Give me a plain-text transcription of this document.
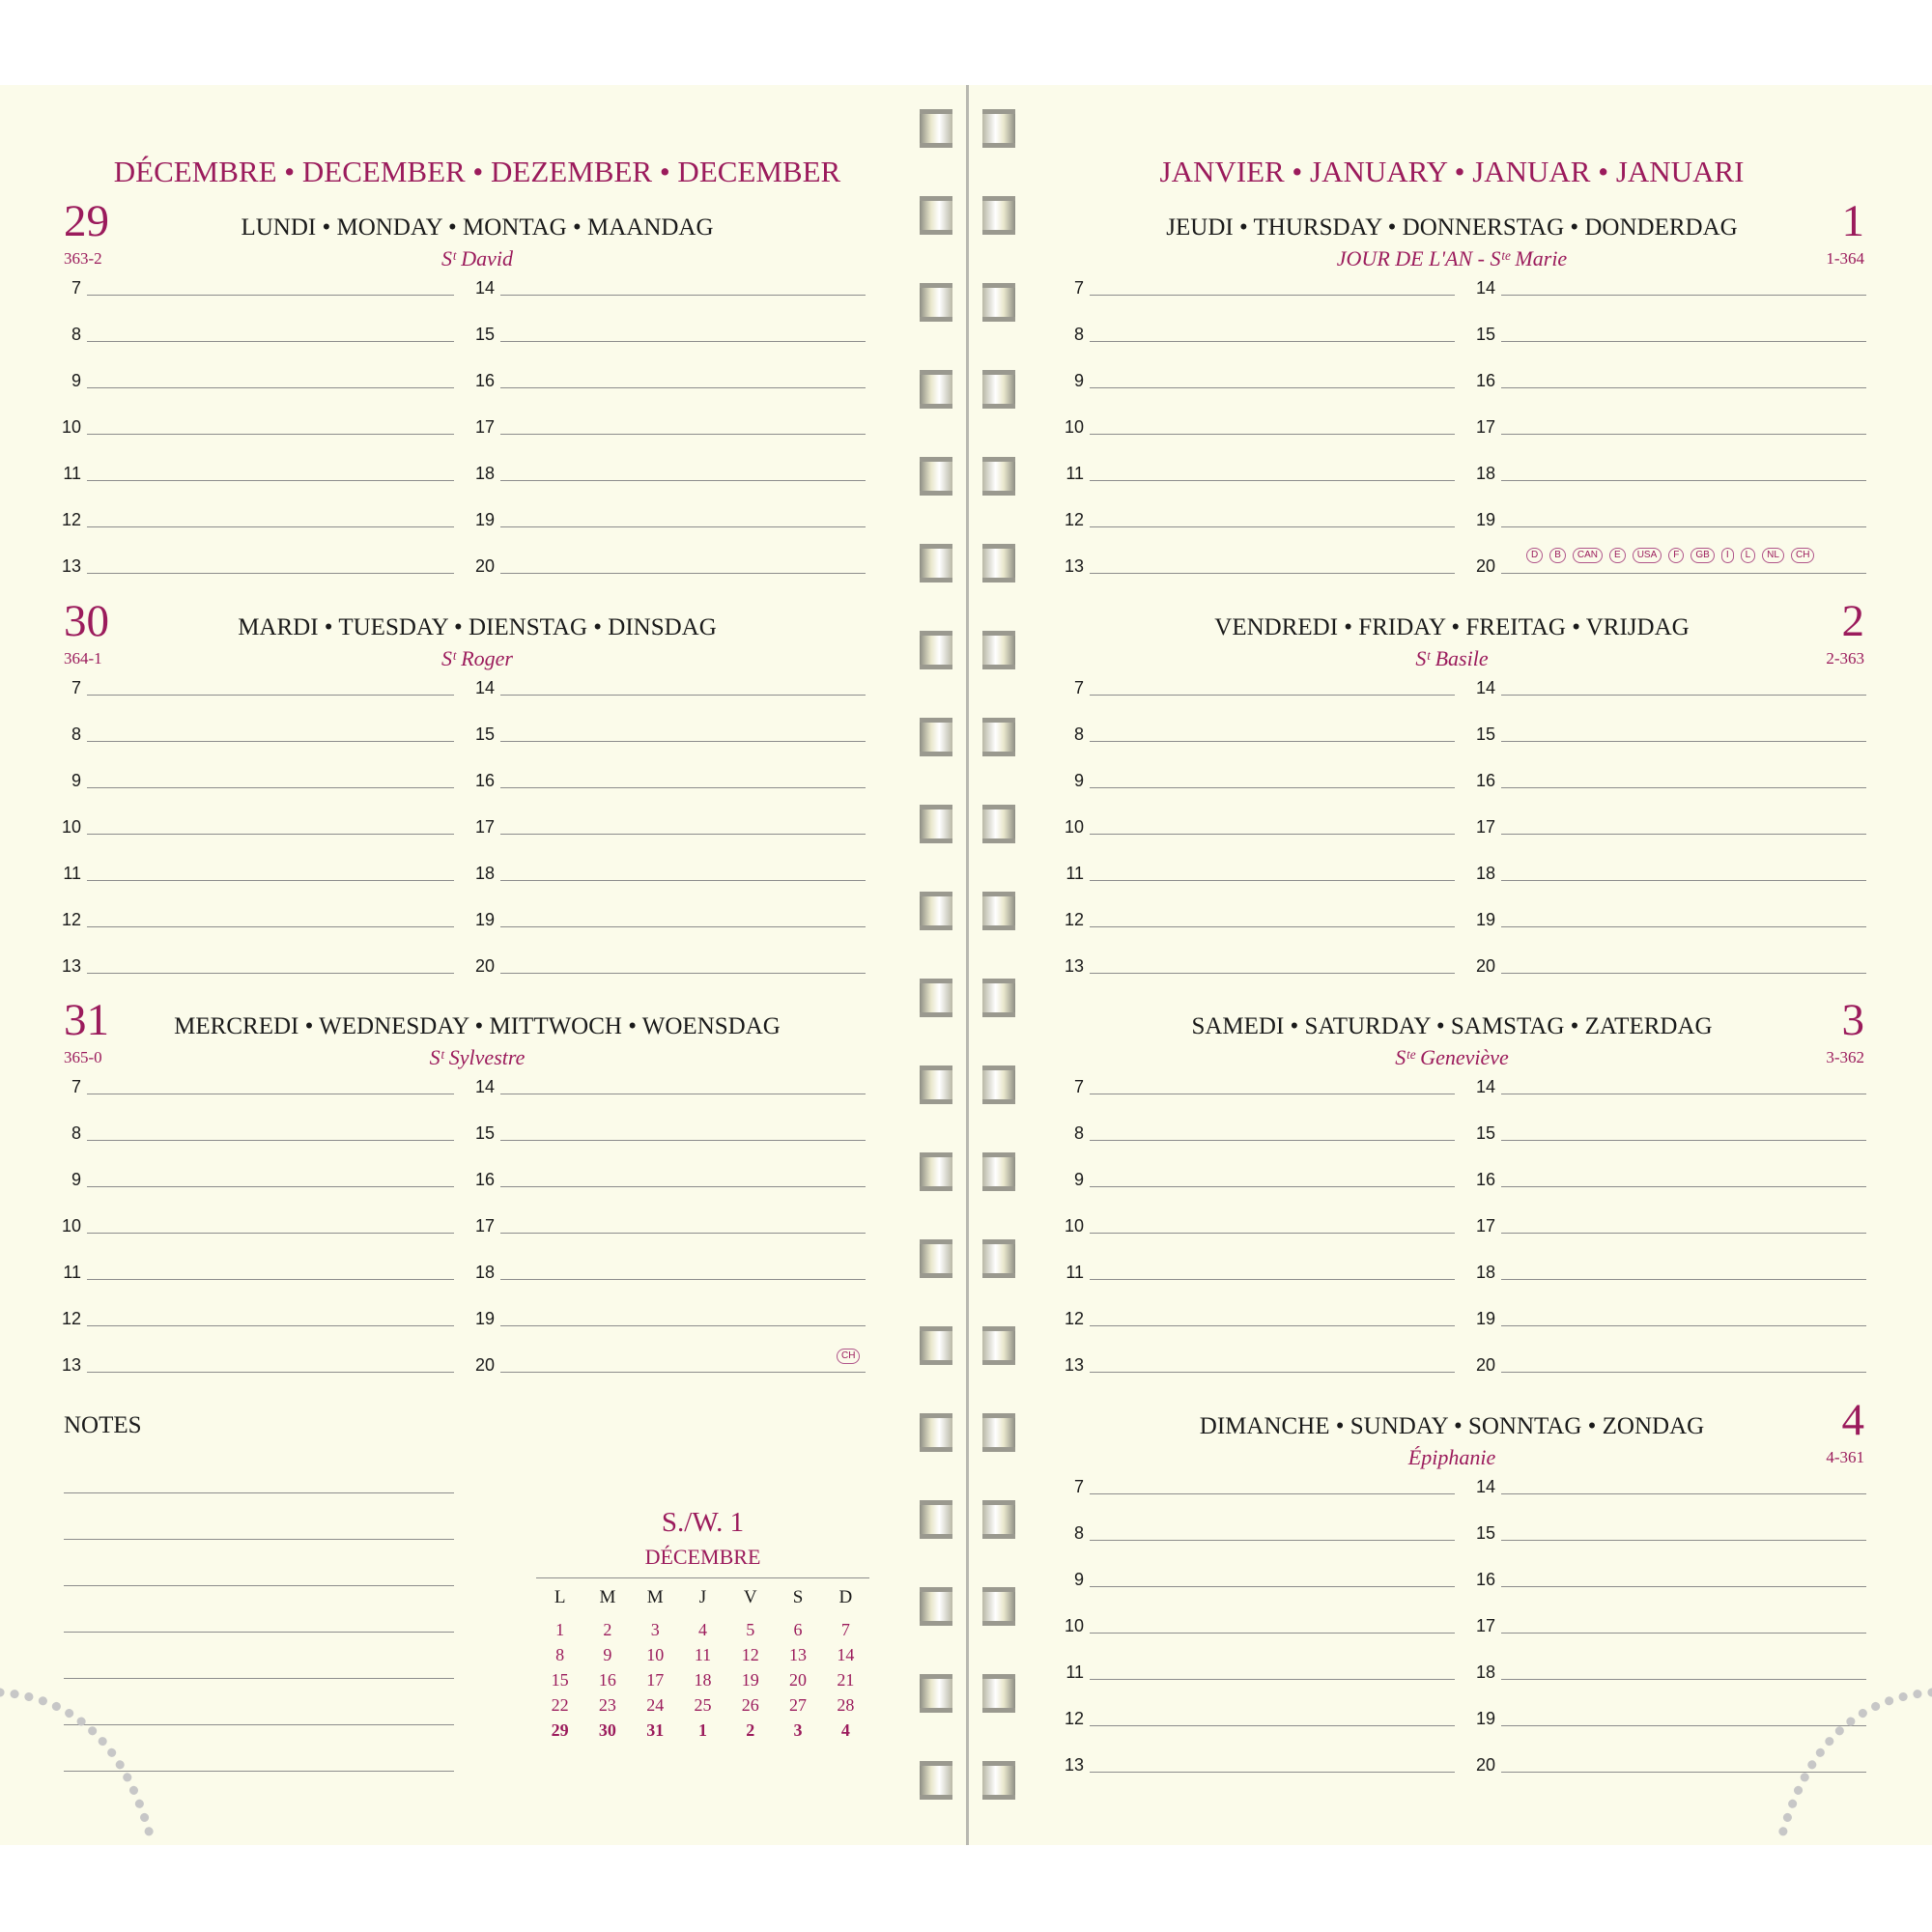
DÉCEMBRE • DECEMBER • DEZEMBER • DECEMBER
29
363-2
LUNDI • MONDAY • MONTAG • MAANDAG
Sᵗ David
7
8
9
10
11
12
13
14
15
16
17
18
19
20
30
364-1
MARDI • TUESDAY • DIENSTAG • DINSDAG
Sᵗ Roger
7
8
9
10
11
12
13
14
15
16
17
18
19
20
31
365-0
MERCREDI • WEDNESDAY • MITTWOCH • WOENSDAG
Sᵗ Sylvestre
7
8
9
10
11
12
13
14
15
16
17
18
19
20	CH
NOTES
S./W. 1
DÉCEMBRE
L	M	M	J	V	S	D
1	2	3	4	5	6	7
8	9	10	11	12	13	14
15	16	17	18	19	20	21
22	23	24	25	26	27	28
29	30	31	1	2	3	4
JANVIER • JANUARY • JANUAR • JANUARI
1
1-364
JEUDI • THURSDAY • DONNERSTAG • DONDERDAG
JOUR DE L'AN - Sᵗᵉ Marie
7
8
9
10
11
12
13
14
15
16
17
18
19
20
D B CAN E USA F GB I L NL CH
2
2-363
VENDREDI • FRIDAY • FREITAG • VRIJDAG
Sᵗ Basile
7
8
9
10
11
12
13
14
15
16
17
18
19
20
3
3-362
SAMEDI • SATURDAY • SAMSTAG • ZATERDAG
Sᵗᵉ Geneviève
7
8
9
10
11
12
13
14
15
16
17
18
19
20
4
4-361
DIMANCHE • SUNDAY • SONNTAG • ZONDAG
Épiphanie
7
8
9
10
11
12
13
14
15
16
17
18
19
20
